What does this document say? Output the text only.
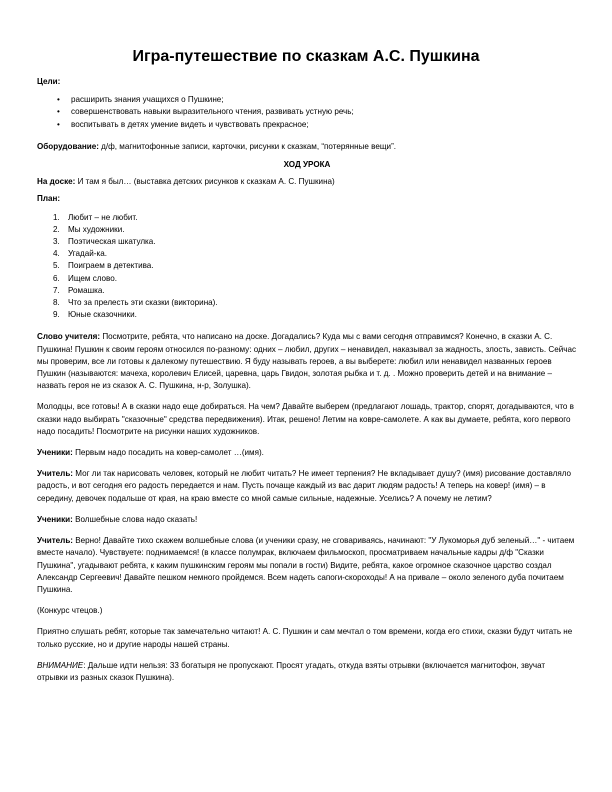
Игра-путешествие по сказкам А.С. Пушкина

Цели:

• расширить знания учащихся о Пушкине;
• совершенствовать навыки выразительного чтения, развивать устную речь;
• воспитывать в детях умение видеть и чувствовать прекрасное;

Оборудование: д/ф, магнитофонные записи, карточки, рисунки к сказкам, “потерянные вещи”.

ХОД УРОКА

На доске: И там я был… (выставка детских рисунков к сказкам А. С. Пушкина)

План:

1.	Любит – не любит.
2.	Мы художники.
3.	Поэтическая шкатулка.
4.	Угадай-ка.
5.	Поиграем в детектива.
6.	Ищем слово.
7.	Ромашка.
8.	Что за прелесть эти сказки (викторина).
9.	Юные сказочники.

Слово учителя: Посмотрите, ребята, что написано на доске. Догадались? Куда мы с вами сегодня отправимся? Конечно, в сказки А. С. Пушкина! Пушкин к своим героям относился по-разному: одних – любил, других – ненавидел, наказывал за жадность, злость, зависть. Сейчас мы проверим, все ли готовы к далекому путешествию. Я буду называть героев, а вы выберете: любил или ненавидел названных героев Пушкин (называются: мачеха, королевич Елисей, царевна, царь Гвидон, золотая рыбка и т. д. . Можно проверить детей и на внимание – назвать героя не из сказок А. С. Пушкина, н-р, Золушка).

Молодцы, все готовы! А в сказки надо еще добираться. На чем? Давайте выберем (предлагают лошадь, трактор, спорят, догадываются, что в сказки надо выбирать "сказочные" средства передвижения). Итак, решено! Летим на ковре-самолете. А как вы думаете, ребята, кого первого надо посадить! Посмотрите на рисунки наших художников.

Ученики: Первым надо посадить на ковер-самолет …(имя).

Учитель: Мог ли так нарисовать человек, который не любит читать? Не имеет терпения? Не вкладывает душу? (имя) рисование доставляло радость, и вот сегодня его радость передается и нам. Пусть почаще каждый из вас дарит людям радость! А теперь на ковер! (имя) – в середину, девочек подальше от края, на краю вместе со мной самые сильные, надежные. Уселись? А почему не летим?

Ученики: Волшебные слова надо сказать!

Учитель: Верно! Давайте тихо скажем волшебные слова (и ученики сразу, не сговариваясь, начинают: "У Лукоморья дуб зеленый…" - читаем вместе начало). Чувствуете: поднимаемся! (в классе полумрак, включаем фильмоскоп, просматриваем начальные кадры д/ф "Сказки Пушкина", угадывают ребята, к каким пушкинским героям мы попали в гости) Видите, ребята, какое огромное сказочное царство создал Александр Сергеевич! Давайте пешком немного пройдемся. Всем надеть сапоги-скороходы! А на привале – около зеленого дуба почитаем Пушкина.

(Конкурс чтецов.)

Приятно слушать ребят, которые так замечательно читают! А. С. Пушкин и сам мечтал о том времени, когда его стихи, сказки будут читать не только русские, но и другие народы нашей страны.

ВНИМАНИЕ: Дальше идти нельзя: 33 богатыря не пропускают. Просят угадать, откуда взяты отрывки (включается магнитофон, звучат отрывки из разных сказок Пушкина).
